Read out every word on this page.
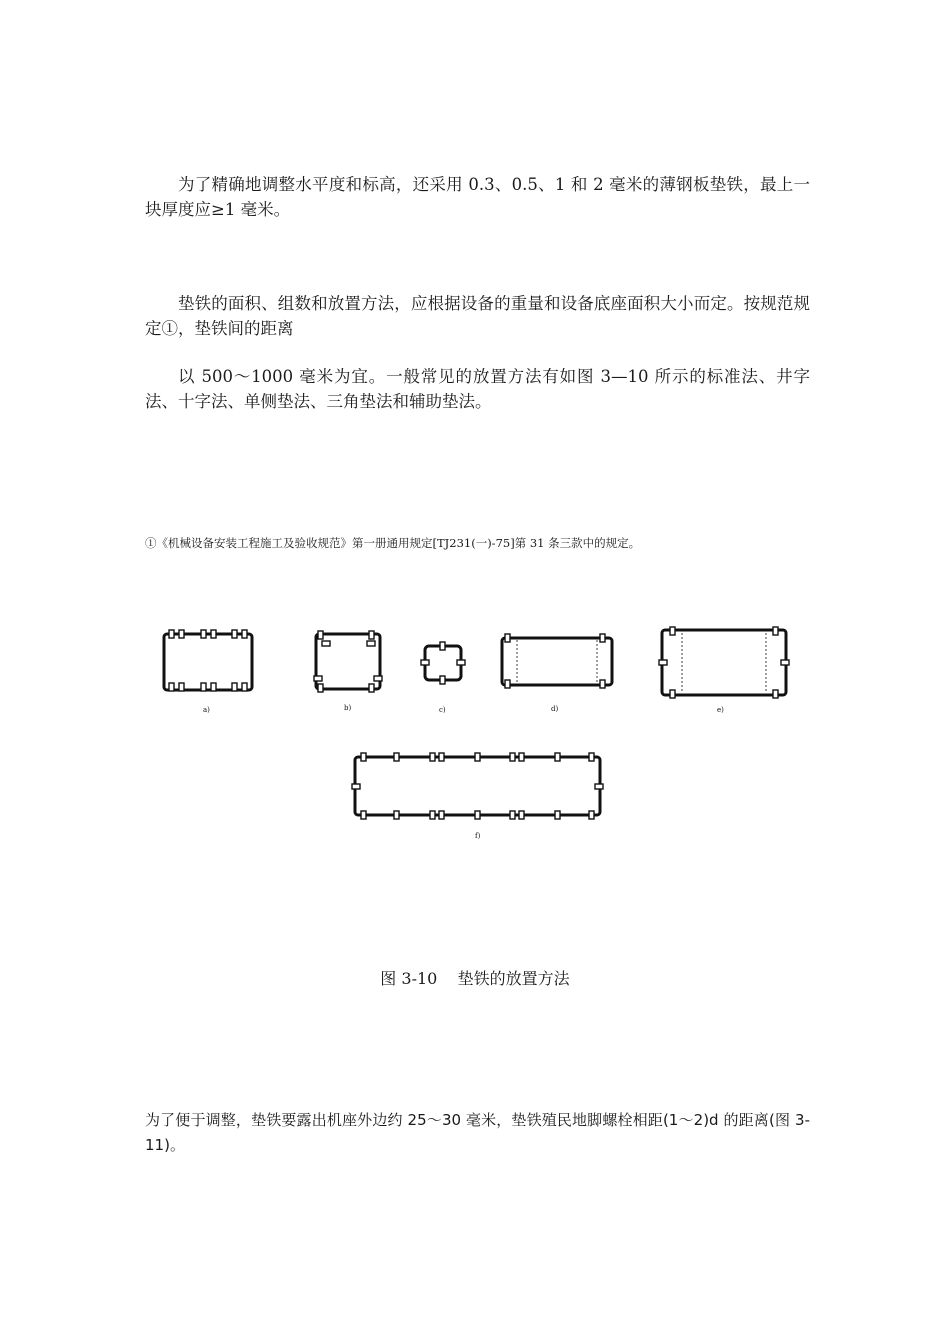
为了精确地调整水平度和标高，还采用 0.3、0.5、1 和 2 毫米的薄钢板垫铁，最上一块厚度应≥1 毫米。

垫铁的面积、组数和放置方法，应根据设备的重量和设备底座面积大小而定。按规范规定①，垫铁间的距离

以 500～1000 毫米为宜。一般常见的放置方法有如图 3—10 所示的标准法、井字法、十字法、单侧垫法、三角垫法和辅助垫法。

①《机械设备安装工程施工及验收规范》第一册通用规定[TJ231(一)-75]第 31 条三款中的规定。

a)	b)	c)	d)	e)
f)

图 3-10    垫铁的放置方法

为了便于调整，垫铁要露出机座外边约 25～30 毫米，垫铁殖民地脚螺栓相距(1～2)d 的距离(图 3-11)。
